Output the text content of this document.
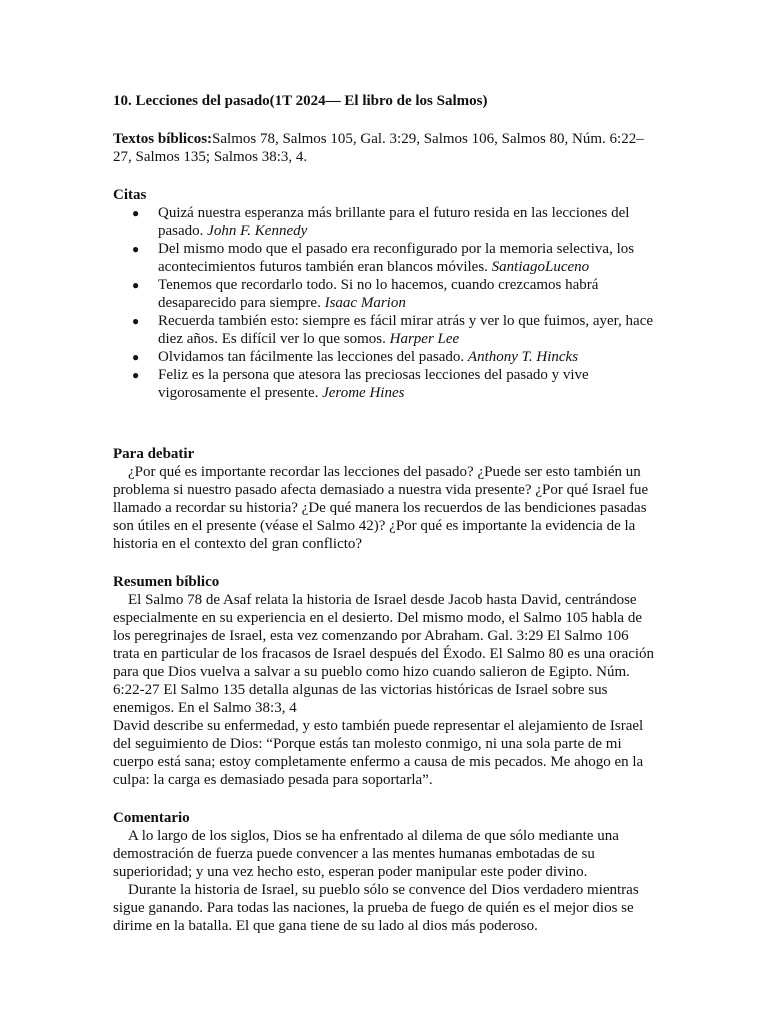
10. Lecciones del pasado(1T 2024— El libro de los Salmos)
Textos bíblicos:Salmos 78, Salmos 105, Gal. 3:29, Salmos 106, Salmos 80, Núm. 6:22–27, Salmos 135; Salmos 38:3, 4.
Citas
● Quizá nuestra esperanza más brillante para el futuro resida en las lecciones del pasado. John F. Kennedy
● Del mismo modo que el pasado era reconfigurado por la memoria selectiva, los acontecimientos futuros también eran blancos móviles. SantiagoLuceno
● Tenemos que recordarlo todo. Si no lo hacemos, cuando crezcamos habrá desaparecido para siempre. Isaac Marion
● Recuerda también esto: siempre es fácil mirar atrás y ver lo que fuimos, ayer, hace diez años. Es difícil ver lo que somos. Harper Lee
● Olvidamos tan fácilmente las lecciones del pasado. Anthony T. Hincks
● Feliz es la persona que atesora las preciosas lecciones del pasado y vive vigorosamente el presente. Jerome Hines
Para debatir

¿Por qué es importante recordar las lecciones del pasado? ¿Puede ser esto también un problema si nuestro pasado afecta demasiado a nuestra vida presente? ¿Por qué Israel fue llamado a recordar su historia? ¿De qué manera los recuerdos de las bendiciones pasadas son útiles en el presente (véase el Salmo 42)? ¿Por qué es importante la evidencia de la historia en el contexto del gran conflicto?

Resumen bíblico

El Salmo 78 de Asaf relata la historia de Israel desde Jacob hasta David, centrándose especialmente en su experiencia en el desierto. Del mismo modo, el Salmo 105 habla de los peregrinajes de Israel, esta vez comenzando por Abraham. Gal. 3:29 El Salmo 106 trata en particular de los fracasos de Israel después del Éxodo. El Salmo 80 es una oración para que Dios vuelva a salvar a su pueblo como hizo cuando salieron de Egipto. Núm. 6:22-27 El Salmo 135 detalla algunas de las victorias históricas de Israel sobre sus enemigos. En el Salmo 38:3, 4

David describe su enfermedad, y esto también puede representar el alejamiento de Israel del seguimiento de Dios: “Porque estás tan molesto conmigo, ni una sola parte de mi cuerpo está sana; estoy completamente enfermo a causa de mis pecados. Me ahogo en la culpa: la carga es demasiado pesada para soportarla”.

Comentario

A lo largo de los siglos, Dios se ha enfrentado al dilema de que sólo mediante una demostración de fuerza puede convencer a las mentes humanas embotadas de su superioridad; y una vez hecho esto, esperan poder manipular este poder divino.

Durante la historia de Israel, su pueblo sólo se convence del Dios verdadero mientras sigue ganando. Para todas las naciones, la prueba de fuego de quién es el mejor dios se dirime en la batalla. El que gana tiene de su lado al dios más poderoso.
